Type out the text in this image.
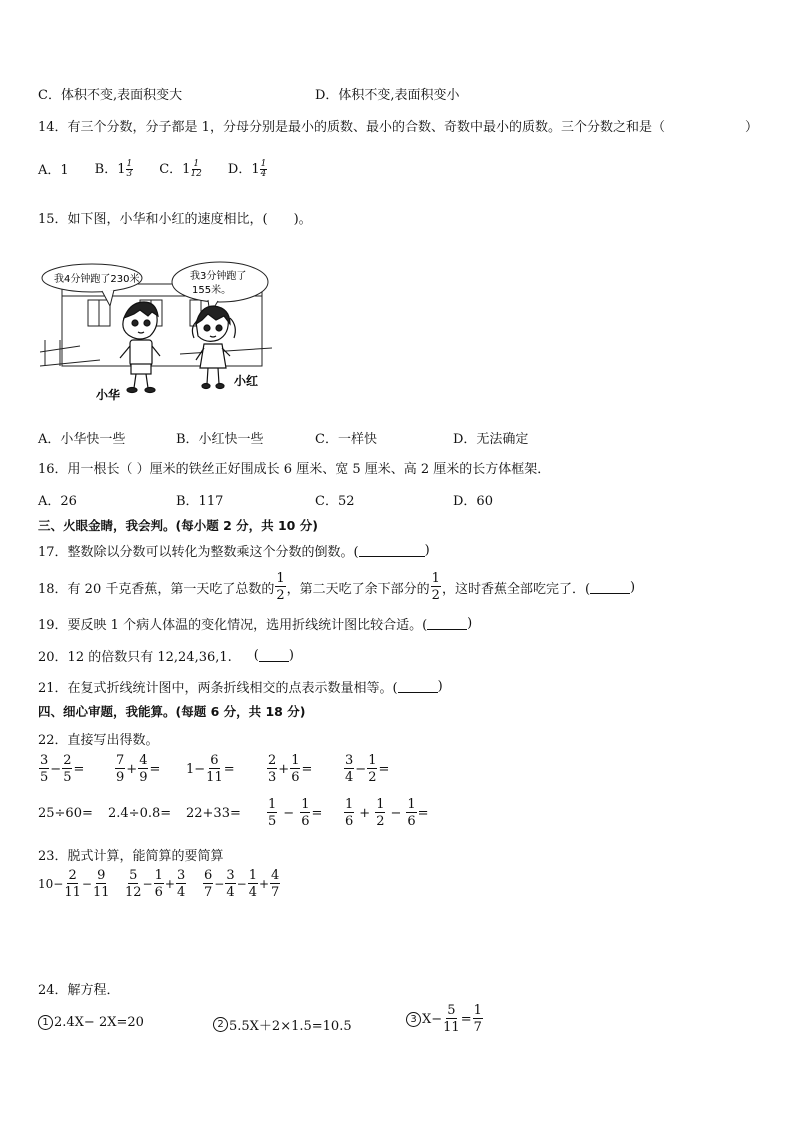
C．体积不变,表面积变大	D．体积不变,表面积变小
14．有三个分数，分子都是 1，分母分别是最小的质数、最小的合数、奇数中最小的质数。三个分数之和是（	）
A．1 B．$1 \frac{1}{3}$ C．$1 \frac{1}{12}$ D．$1 \frac{1}{4}$
15．如下图，小华和小红的速度相比，(　　)。
我4分钟跑了230米	我3分钟跑了
155米。
小华
小红
A．小华快一些	B．小红快一些	C．一样快	D．无法确定
16．用一根长（ ）厘米的铁丝正好围成长 6 厘米、宽 5 厘米、高 2 厘米的长方体框架．
A．26	B．117	C．52	D．60
三、火眼金睛，我会判。(每小题 2 分，共 10 分)
17．整数除以分数可以转化为整数乘这个分数的倒数。(	)
18．有 20 千克香蕉，第一天吃了总数的 $\frac{1}{2}$ ，第二天吃了余下部分的 $\frac{1}{2}$ ，这时香蕉全部吃完了．(	)
19．要反映 1 个病人体温的变化情况，选用折线统计图比较合适。(	)
20．12 的倍数只有 12,24,36,1. ( )
21．在复式折线统计图中，两条折线相交的点表示数量相等。(	)
四、细心审题，我能算。(每题 6 分，共 18 分)
22．直接写出得数。
$\frac{3}{5} - \frac{2}{5} = \frac{7}{9} + \frac{4}{9} = 1- \frac{6}{11} = \frac{2}{3} + \frac{1}{6} = \frac{3}{4} - \frac{1}{2}$ =
$25\div 60= 2.4\div 0.8= 22+33= \frac{1}{5} - \frac{1}{6} = \frac{1}{6} + \frac{1}{2} - \frac{1}{6}$ =
23．脱式计算，能简算的要简算
$10- \frac{2}{11} - \frac{9}{11} \frac{5}{12} - \frac{1}{6} + \frac{3}{4} \frac{6}{7} - \frac{3}{4} - \frac{1}{4} + \frac{4}{7}$
24．解方程．
1 2.4X− 2X=20	2 5.5X＋2×1.5=10.5	3 $X- \frac{5}{11} = \frac{1}{7}$
